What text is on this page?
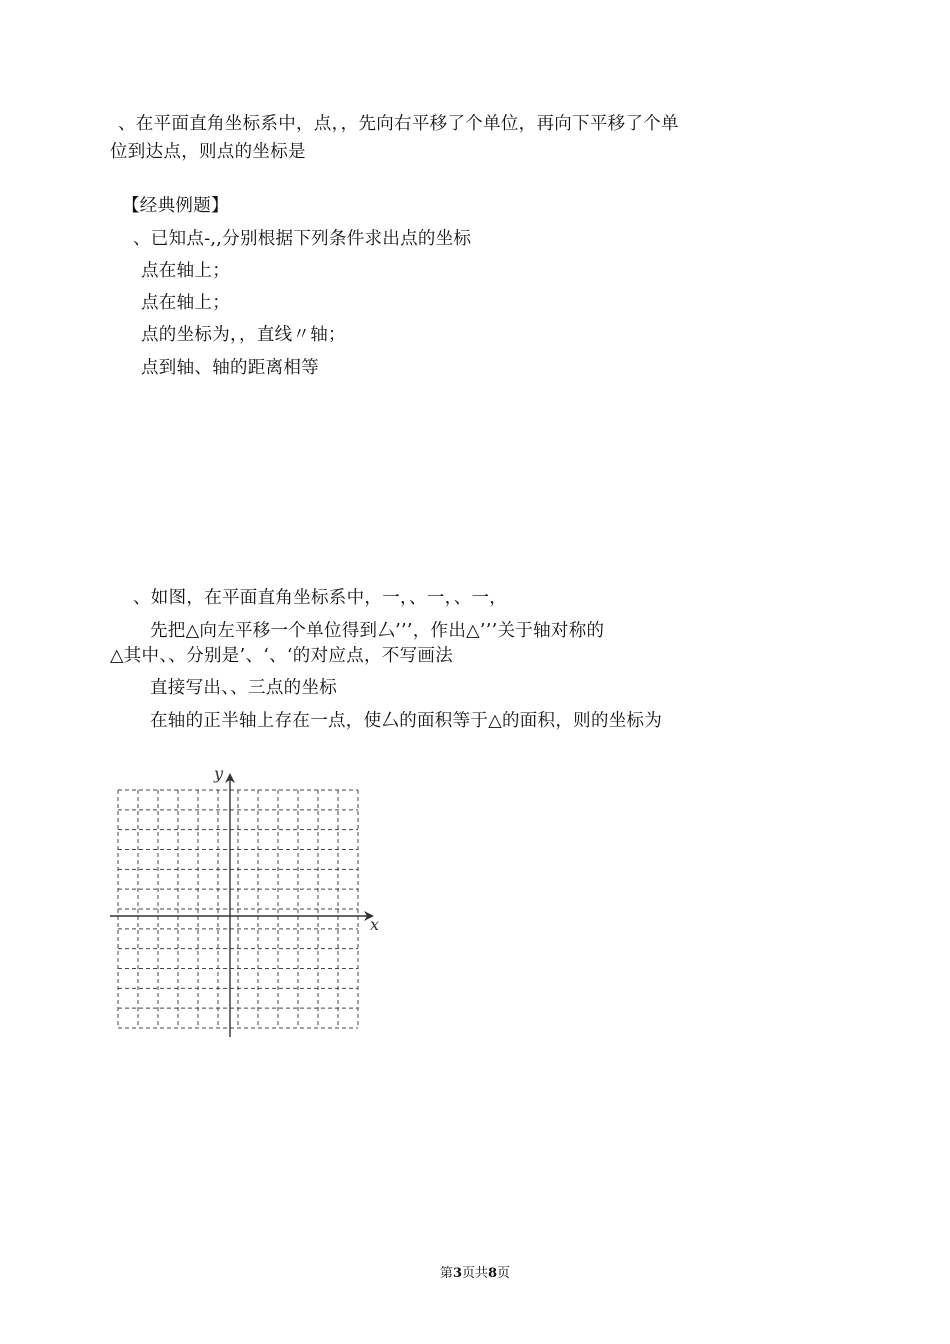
、在平面直角坐标系中，点，，先向右平移了个单位，再向下平移了个单
位到达点，则点的坐标是
【经典例题】
、已知点-,,分别根据下列条件求出点的坐标
点在轴上；
点在轴上；
点的坐标为，，直线〃轴；
点到轴、轴的距离相等
、如图，在平面直角坐标系中，一，、一，、一，
先把△向左平移一个单位得到厶’’’，作出△’’’关于轴对称的
△其中、、分别是’、‘、‘的对应点，不写画法
直接写出、、三点的坐标
在轴的正半轴上存在一点，使厶的面积等于△的面积，则的坐标为
x
y
第3页共8页
